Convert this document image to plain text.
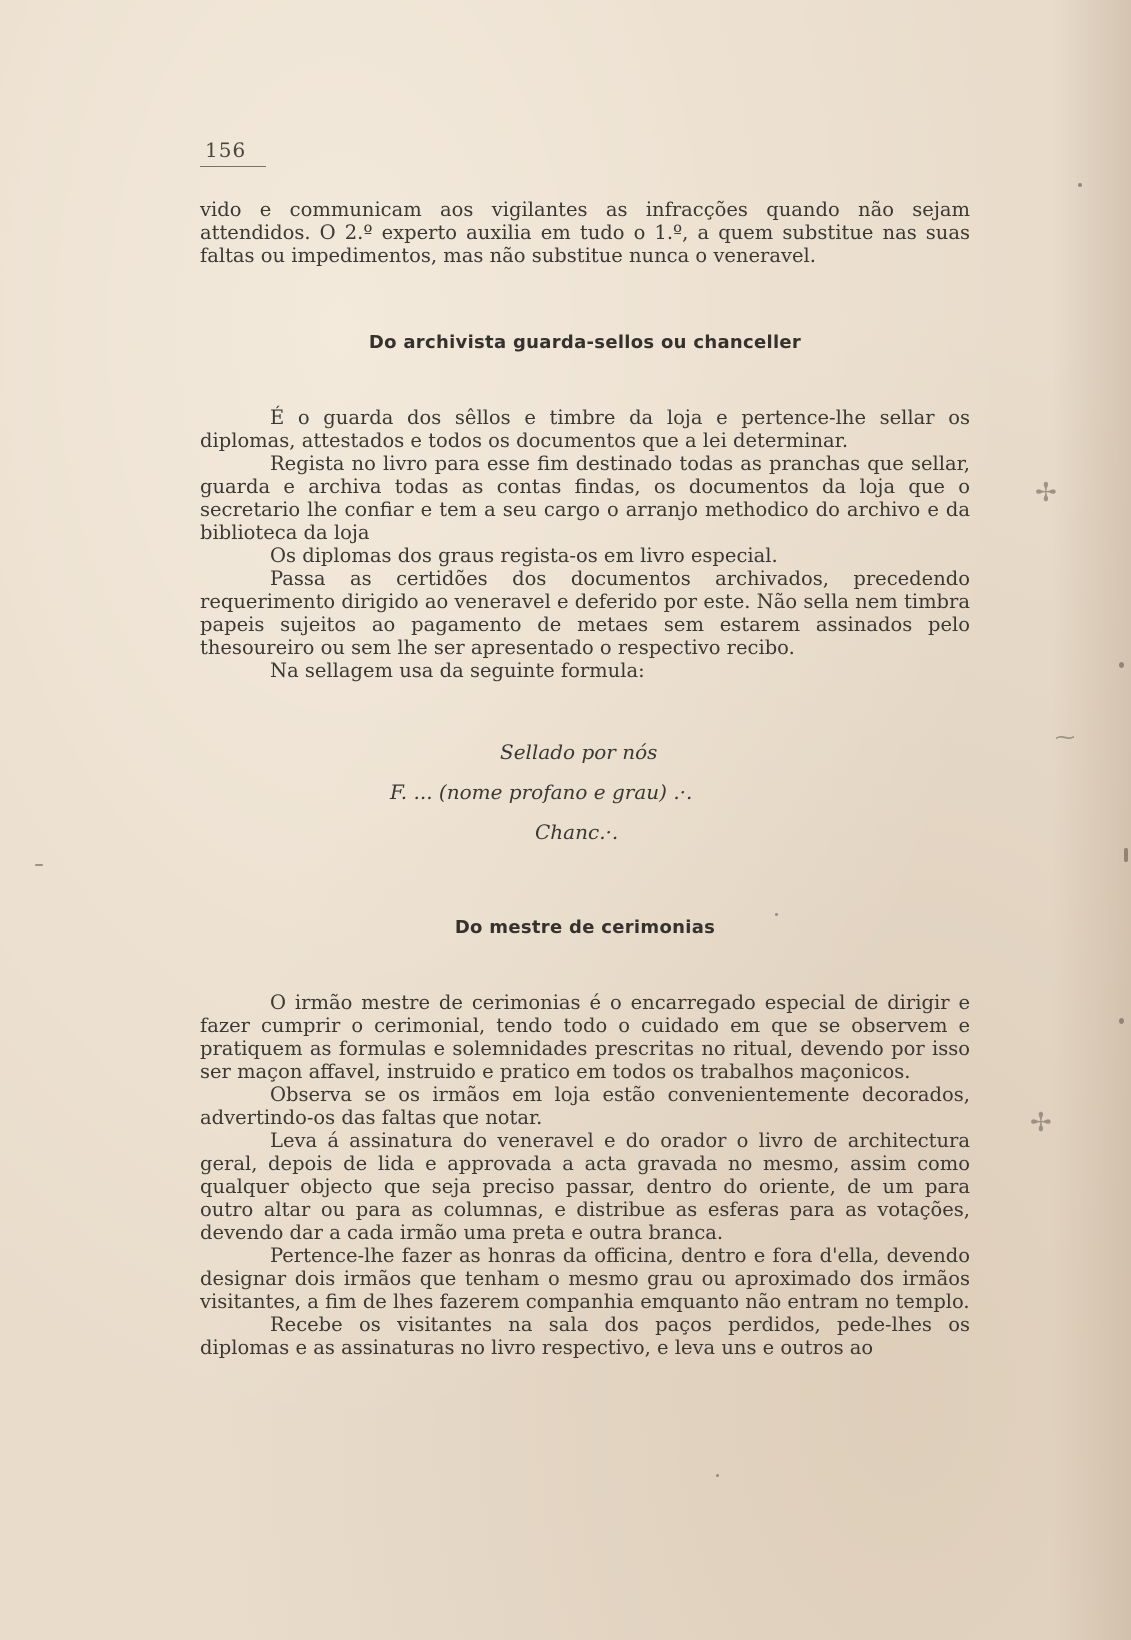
156

vido e communicam aos vigilantes as infracções quando não sejam attendidos. O 2.º experto auxilia em tudo o 1.º, a quem substitue nas suas faltas ou impedimentos, mas não substitue nunca o veneravel.

Do archivista guarda-sellos ou chanceller

É o guarda dos sêllos e timbre da loja e pertence-lhe sellar os diplomas, attestados e todos os documentos que a lei determinar.

Regista no livro para esse fim destinado todas as pranchas que sellar, guarda e archiva todas as contas findas, os documentos da loja que o secretario lhe confiar e tem a seu cargo o arranjo methodico do archivo e da biblioteca da loja

Os diplomas dos graus regista-os em livro especial.

Passa as certidões dos documentos archivados, precedendo requerimento dirigido ao veneravel e deferido por este. Não sella nem timbra papeis sujeitos ao pagamento de metaes sem estarem assinados pelo thesoureiro ou sem lhe ser apresentado o respectivo recibo.

Na sellagem usa da seguinte formula:

Sellado por nós
F. ... (nome profano e grau) .·.
Chanc.·.
Do mestre de cerimonias

O irmão mestre de cerimonias é o encarregado especial de dirigir e fazer cumprir o cerimonial, tendo todo o cuidado em que se observem e pratiquem as formulas e solemnidades prescritas no ritual, devendo por isso ser maçon affavel, instruido e pratico em todos os trabalhos maçonicos.

Observa se os irmãos em loja estão convenientemente decorados, advertindo-os das faltas que notar.

Leva á assinatura do veneravel e do orador o livro de architectura geral, depois de lida e approvada a acta gravada no mesmo, assim como qualquer objecto que seja preciso passar, dentro do oriente, de um para outro altar ou para as columnas, e distribue as esferas para as votações, devendo dar a cada irmão uma preta e outra branca.

Pertence-lhe fazer as honras da officina, dentro e fora d'ella, devendo designar dois irmãos que tenham o mesmo grau ou aproximado dos irmãos visitantes, a fim de lhes fazerem companhia emquanto não entram no templo.

Recebe os visitantes na sala dos paços perdidos, pede-lhes os diplomas e as assinaturas no livro respectivo, e leva uns e outros ao

✢
⁓
✢
